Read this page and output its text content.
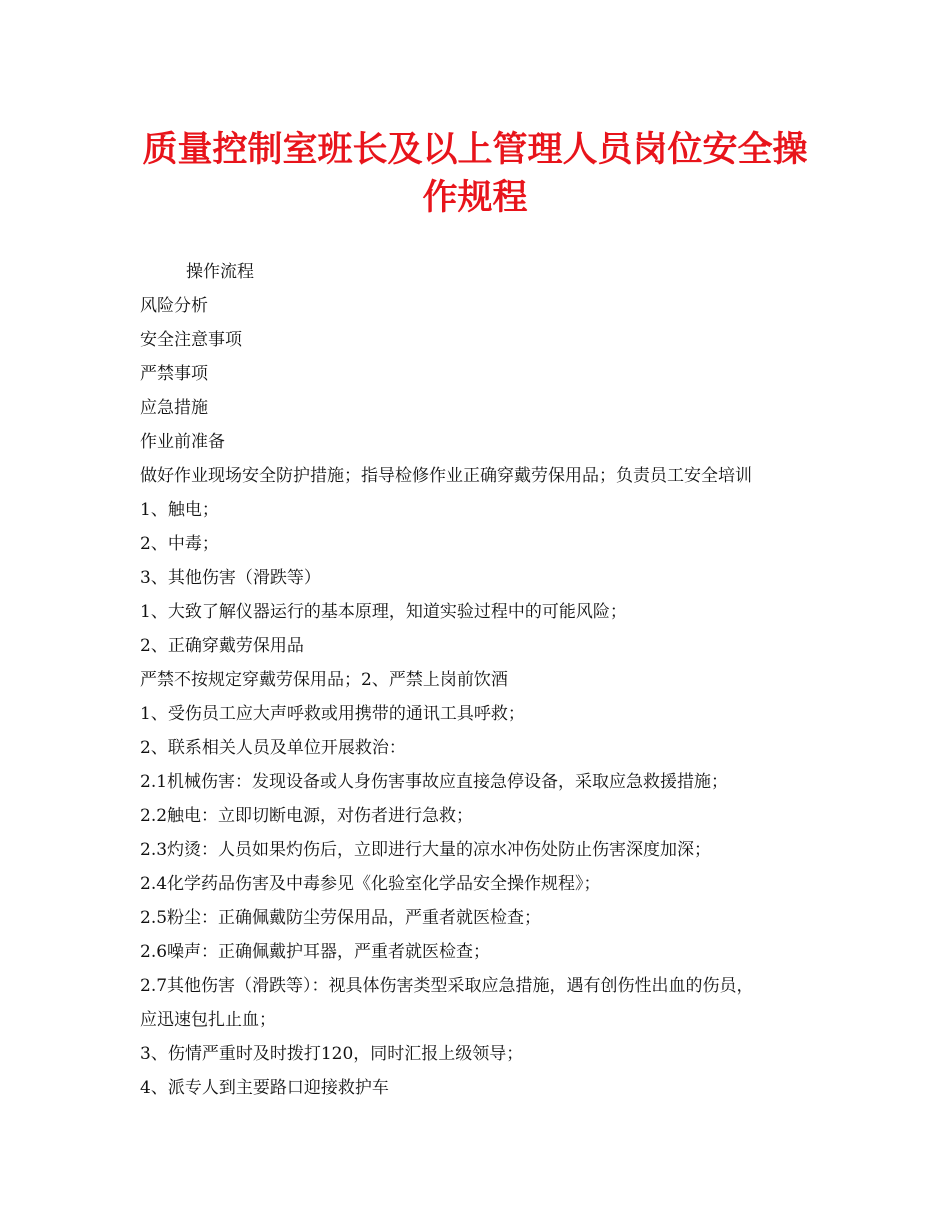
质量控制室班长及以上管理人员岗位安全操
作规程
操作流程
风险分析
安全注意事项
严禁事项
应急措施
作业前准备
做好作业现场安全防护措施；指导检修作业正确穿戴劳保用品；负责员工安全培训
1、触电；
2、中毒；
3、其他伤害（滑跌等）
1、大致了解仪器运行的基本原理，知道实验过程中的可能风险；
2、正确穿戴劳保用品
严禁不按规定穿戴劳保用品；2、严禁上岗前饮酒
1、受伤员工应大声呼救或用携带的通讯工具呼救；
2、联系相关人员及单位开展救治：
2.1机械伤害：发现设备或人身伤害事故应直接急停设备，采取应急救援措施；
2.2触电：立即切断电源，对伤者进行急救；
2.3灼烫：人员如果灼伤后，立即进行大量的凉水冲伤处防止伤害深度加深；
2.4化学药品伤害及中毒参见《化验室化学品安全操作规程》；
2.5粉尘：正确佩戴防尘劳保用品，严重者就医检查；
2.6噪声：正确佩戴护耳器，严重者就医检查；
2.7其他伤害（滑跌等）：视具体伤害类型采取应急措施，遇有创伤性出血的伤员，
应迅速包扎止血；
3、伤情严重时及时拨打120，同时汇报上级领导；
4、派专人到主要路口迎接救护车
